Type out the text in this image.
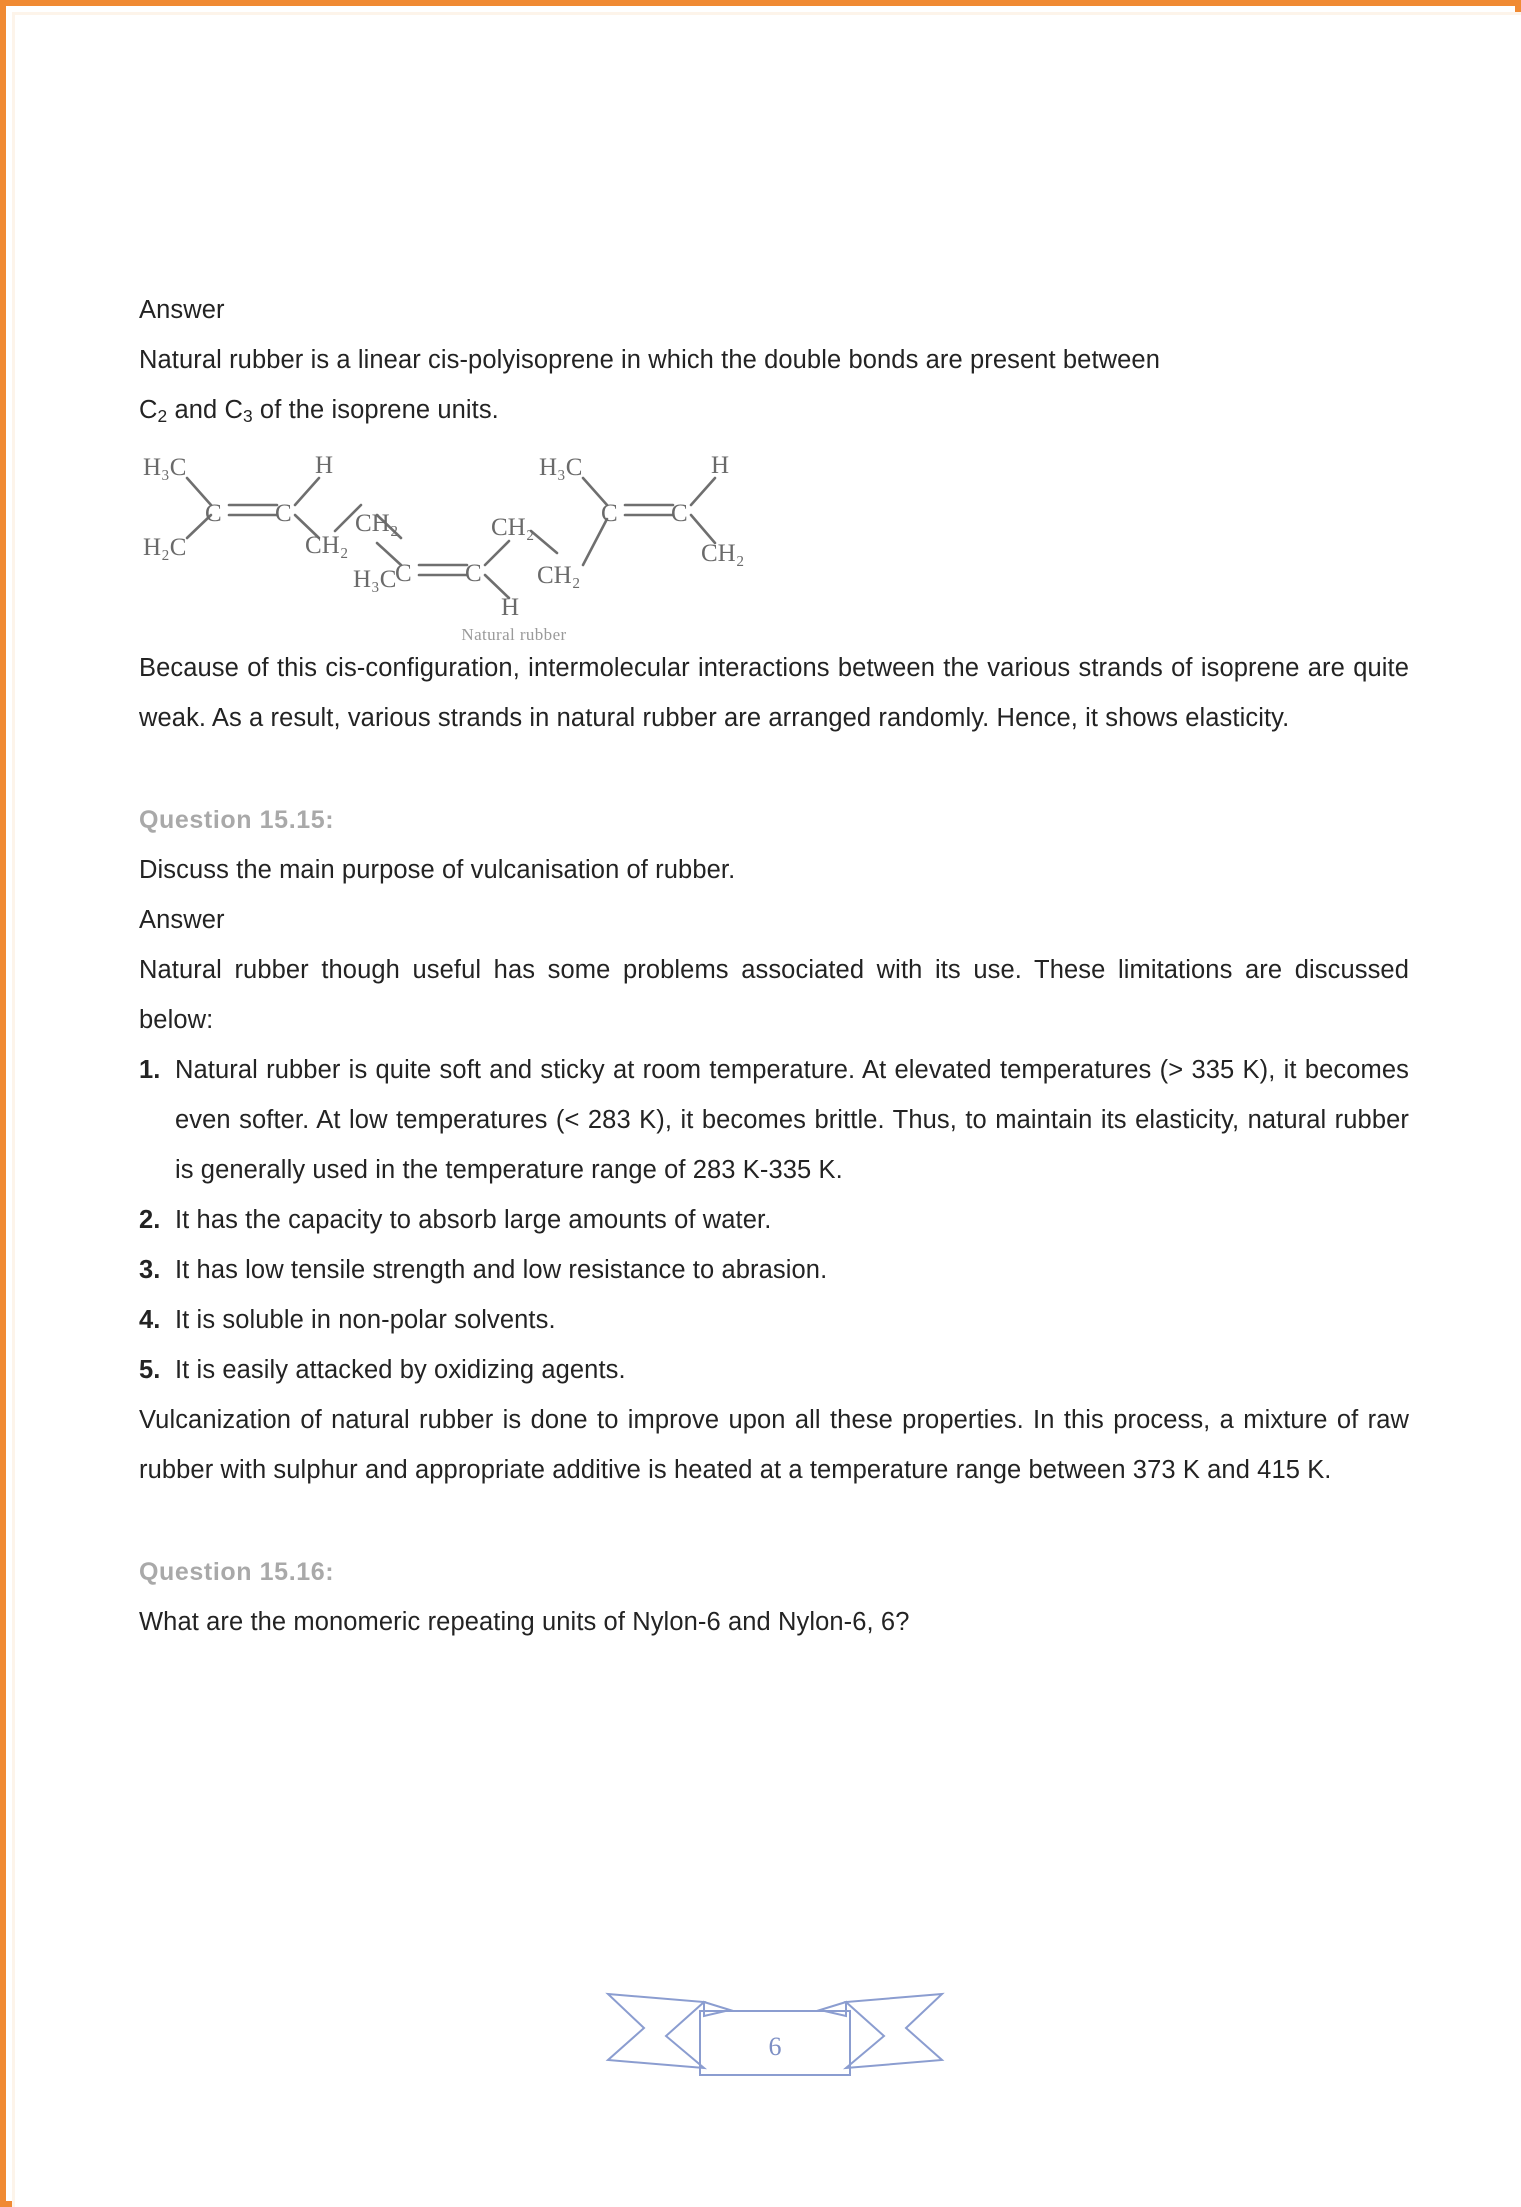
Answer
Natural rubber is a linear cis-polyisoprene in which the double bonds are present between
$C_2$ and $C_3$ of the isoprene units.
H₃C
H₂C
C C
H
CH₂
CH₂
H₃C
C C
CH₂
H
H₃C
CH₂
C C
H
CH₂
Natural rubber

Because of this cis-configuration, intermolecular interactions between the various strands of isoprene are quite weak. As a result, various strands in natural rubber are arranged randomly. Hence, it shows elasticity.

Question 15.15:
Discuss the main purpose of vulcanisation of rubber.
Answer

Natural rubber though useful has some problems associated with its use. These limitations are discussed below:

1. Natural rubber is quite soft and sticky at room temperature. At elevated temperatures (> 335 K), it becomes even softer. At low temperatures (< 283 K), it becomes brittle. Thus, to maintain its elasticity, natural rubber is generally used in the temperature range of 283 K-335 K.
2. It has the capacity to absorb large amounts of water.
3. It has low tensile strength and low resistance to abrasion.
4. It is soluble in non-polar solvents.
5. It is easily attacked by oxidizing agents.

Vulcanization of natural rubber is done to improve upon all these properties. In this process, a mixture of raw rubber with sulphur and appropriate additive is heated at a temperature range between 373 K and 415 K.

Question 15.16:
What are the monomeric repeating units of Nylon-6 and Nylon-6, 6?
6
